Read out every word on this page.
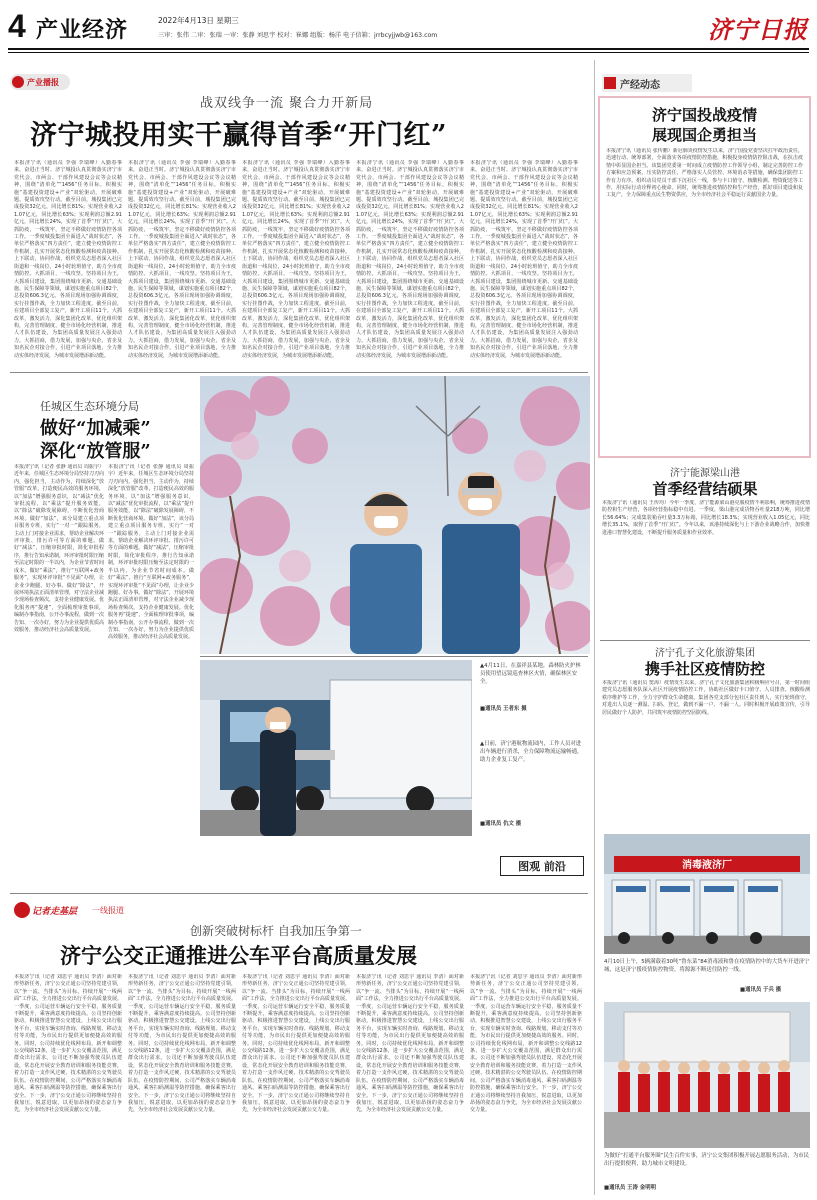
4 产业经济	2022年4月13日 星期三
三审：张伟 二审：张瑞 一审：张静 刘思宇 校对：崔娜 组版：杨洋 电子信箱：jrrbcyjjwb@163.com	济宁日报
产业播报
战双线争一流 聚合力开新局
济宁城投用实干赢得首季“开门红”
本报济宁讯（通讯员 李强 李瑞峰）入勤春事来，奋进正当时。济宁城投认真贯彻落实济宁市党代会、市两会、干部作风建设会议等会议精神，围绕“清单化”“1456”任务目标，积极实施“基建投资建设+产业”双轮驱动，开展破难题、提质效攻坚行动。截至目前，城投集团已完成投资32亿元，同比增长81%；实现营业收入21.07亿元，同比增长63%；实现利润总额2.91亿元，同比增长24%，实现了首季“开门红”。大抓防疫，一线筑牢，坚定不移做好疫情防控各项工作。一季度城投集团全面进入“战时状态”，各单位严格落实“四方责任”，建立健全疫情防控工作机制，扎实开展常态化核酸检测和疫苗接种。上下联动，协同作战，组织党员志愿者深入社区街道和一线岗位，24小时轮班值守，助力全市疫情防控。大抓项目，一线攻坚。坚持项目为王，大抓项目建设，集团围绕城市更新、交通基础设施、民生保障等领域，谋划实施重点项目82个，总投资606.3亿元。各项目现场加强协调调度，实行挂图作战，全力加快工程进度。截至目前，在建项目全部复工复产，新开工项目11个。大抓改革，激发活力，深化集团化改革，优化组织架构，完善管理制度，健全市场化经营机制，推进人才队伍建设，为集团高质量发展注入强劲动力。大抓招商，借力发展，加强与央企、省企及知名民企对接合作，引进产业项目落地，全力推动实体经济发展，为城市发展增添新动能。
本报济宁讯（通讯员 李强 李瑞峰）入勤春事来，奋进正当时。济宁城投认真贯彻落实济宁市党代会、市两会、干部作风建设会议等会议精神，围绕“清单化”“1456”任务目标，积极实施“基建投资建设+产业”双轮驱动，开展破难题、提质效攻坚行动。截至目前，城投集团已完成投资32亿元，同比增长81%；实现营业收入21.07亿元，同比增长63%；实现利润总额2.91亿元，同比增长24%，实现了首季“开门红”。大抓防疫，一线筑牢，坚定不移做好疫情防控各项工作。一季度城投集团全面进入“战时状态”，各单位严格落实“四方责任”，建立健全疫情防控工作机制，扎实开展常态化核酸检测和疫苗接种。上下联动，协同作战，组织党员志愿者深入社区街道和一线岗位，24小时轮班值守，助力全市疫情防控。大抓项目，一线攻坚。坚持项目为王，大抓项目建设，集团围绕城市更新、交通基础设施、民生保障等领域，谋划实施重点项目82个，总投资606.3亿元。各项目现场加强协调调度，实行挂图作战，全力加快工程进度。截至目前，在建项目全部复工复产，新开工项目11个。大抓改革，激发活力，深化集团化改革，优化组织架构，完善管理制度，健全市场化经营机制，推进人才队伍建设，为集团高质量发展注入强劲动力。大抓招商，借力发展，加强与央企、省企及知名民企对接合作，引进产业项目落地，全力推动实体经济发展，为城市发展增添新动能。
本报济宁讯（通讯员 李强 李瑞峰）入勤春事来，奋进正当时。济宁城投认真贯彻落实济宁市党代会、市两会、干部作风建设会议等会议精神，围绕“清单化”“1456”任务目标，积极实施“基建投资建设+产业”双轮驱动，开展破难题、提质效攻坚行动。截至目前，城投集团已完成投资32亿元，同比增长81%；实现营业收入21.07亿元，同比增长63%；实现利润总额2.91亿元，同比增长24%，实现了首季“开门红”。大抓防疫，一线筑牢，坚定不移做好疫情防控各项工作。一季度城投集团全面进入“战时状态”，各单位严格落实“四方责任”，建立健全疫情防控工作机制，扎实开展常态化核酸检测和疫苗接种。上下联动，协同作战，组织党员志愿者深入社区街道和一线岗位，24小时轮班值守，助力全市疫情防控。大抓项目，一线攻坚。坚持项目为王，大抓项目建设，集团围绕城市更新、交通基础设施、民生保障等领域，谋划实施重点项目82个，总投资606.3亿元。各项目现场加强协调调度，实行挂图作战，全力加快工程进度。截至目前，在建项目全部复工复产，新开工项目11个。大抓改革，激发活力，深化集团化改革，优化组织架构，完善管理制度，健全市场化经营机制，推进人才队伍建设，为集团高质量发展注入强劲动力。大抓招商，借力发展，加强与央企、省企及知名民企对接合作，引进产业项目落地，全力推动实体经济发展，为城市发展增添新动能。
本报济宁讯（通讯员 李强 李瑞峰）入勤春事来，奋进正当时。济宁城投认真贯彻落实济宁市党代会、市两会、干部作风建设会议等会议精神，围绕“清单化”“1456”任务目标，积极实施“基建投资建设+产业”双轮驱动，开展破难题、提质效攻坚行动。截至目前，城投集团已完成投资32亿元，同比增长81%；实现营业收入21.07亿元，同比增长63%；实现利润总额2.91亿元，同比增长24%，实现了首季“开门红”。大抓防疫，一线筑牢，坚定不移做好疫情防控各项工作。一季度城投集团全面进入“战时状态”，各单位严格落实“四方责任”，建立健全疫情防控工作机制，扎实开展常态化核酸检测和疫苗接种。上下联动，协同作战，组织党员志愿者深入社区街道和一线岗位，24小时轮班值守，助力全市疫情防控。大抓项目，一线攻坚。坚持项目为王，大抓项目建设，集团围绕城市更新、交通基础设施、民生保障等领域，谋划实施重点项目82个，总投资606.3亿元。各项目现场加强协调调度，实行挂图作战，全力加快工程进度。截至目前，在建项目全部复工复产，新开工项目11个。大抓改革，激发活力，深化集团化改革，优化组织架构，完善管理制度，健全市场化经营机制，推进人才队伍建设，为集团高质量发展注入强劲动力。大抓招商，借力发展，加强与央企、省企及知名民企对接合作，引进产业项目落地，全力推动实体经济发展，为城市发展增添新动能。
本报济宁讯（通讯员 李强 李瑞峰）入勤春事来，奋进正当时。济宁城投认真贯彻落实济宁市党代会、市两会、干部作风建设会议等会议精神，围绕“清单化”“1456”任务目标，积极实施“基建投资建设+产业”双轮驱动，开展破难题、提质效攻坚行动。截至目前，城投集团已完成投资32亿元，同比增长81%；实现营业收入21.07亿元，同比增长63%；实现利润总额2.91亿元，同比增长24%，实现了首季“开门红”。大抓防疫，一线筑牢，坚定不移做好疫情防控各项工作。一季度城投集团全面进入“战时状态”，各单位严格落实“四方责任”，建立健全疫情防控工作机制，扎实开展常态化核酸检测和疫苗接种。上下联动，协同作战，组织党员志愿者深入社区街道和一线岗位，24小时轮班值守，助力全市疫情防控。大抓项目，一线攻坚。坚持项目为王，大抓项目建设，集团围绕城市更新、交通基础设施、民生保障等领域，谋划实施重点项目82个，总投资606.3亿元。各项目现场加强协调调度，实行挂图作战，全力加快工程进度。截至目前，在建项目全部复工复产，新开工项目11个。大抓改革，激发活力，深化集团化改革，优化组织架构，完善管理制度，健全市场化经营机制，推进人才队伍建设，为集团高质量发展注入强劲动力。大抓招商，借力发展，加强与央企、省企及知名民企对接合作，引进产业项目落地，全力推动实体经济发展，为城市发展增添新动能。
任城区生态环境分局
做好“加减乘”
深化“放管服”
本报济宁讯（记者 张静 通讯员 周振宇）近年来，任城区生态环境分局坚持刀刃向内，强化担当，主动作为，持续深化“放管服”改革，打造便民高效的服务环境，以“加法”增强服务意识，以“减法”优化审批流程，以“乘法”提升服务效能，以“除法”破除发展障碍，不断优化营商环境。做好“加法”，该分局建立重点项目服务专班，实行“一对一”跟踪服务，主动上门对接企业需求，帮助企业解决环评审批、排污许可等方面的难题。做好“减法”，压缩审批时限，简化审批程序，推行告知承诺制，环评审批时限压缩至法定时限的一半以内，为企业节省时间成本。做好“乘法”，推行“互联网+政务服务”，实现环评审批“不见面”办理，让企业少跑腿、好办事。做好“除法”，开展环境执法正面清单管理，对守法企业减少现场检查频次，支持企业健康发展。优化服务再“提速”，全面梳理审批事项，编制办事指南，公开办事流程，做到一次告知、一次办好，努力为企业提供优质高效服务，推动经济社会高质量发展。
本报济宁讯（记者 张静 通讯员 周振宇）近年来，任城区生态环境分局坚持刀刃向内，强化担当，主动作为，持续深化“放管服”改革，打造便民高效的服务环境，以“加法”增强服务意识，以“减法”优化审批流程，以“乘法”提升服务效能，以“除法”破除发展障碍，不断优化营商环境。做好“加法”，该分局建立重点项目服务专班，实行“一对一”跟踪服务，主动上门对接企业需求，帮助企业解决环评审批、排污许可等方面的难题。做好“减法”，压缩审批时限，简化审批程序，推行告知承诺制，环评审批时限压缩至法定时限的一半以内，为企业节省时间成本。做好“乘法”，推行“互联网+政务服务”，实现环评审批“不见面”办理，让企业少跑腿、好办事。做好“除法”，开展环境执法正面清单管理，对守法企业减少现场检查频次，支持企业健康发展。优化服务再“提速”，全面梳理审批事项，编制办事指南，公开办事流程，做到一次告知、一次办好，努力为企业提供优质高效服务，推动经济社会高质量发展。
▲4月11日，在嘉祥县某地，森林防火护林员使用望远镜巡查林区火情，确保林区安全。
■通讯员 王者东 摄
▲日前，济宁港航物流园内，工作人员对进出车辆进行消杀，全力保障物流运输畅通，助力企业复工复产。
■通讯员 仇文 摄
图观 前沿
记者走基层 一线报道
创新突破树标杆 自我加压争第一
济宁公交正通推进公车平台高质量发展
本报济宁讯（记者 刘思宇 通讯员 李清）面对新形势新任务，济宁公交正通公司坚持党建引领，以“争一流、当排头”为目标，持续开展“一线两面”工作法，全力推进公交出行平台高质量发展。一季度，公司运营车辆运行安全平稳，服务质量不断提升，乘客满意度持续提高。公司坚持创新驱动，积极推进智慧公交建设，上线公交出行服务平台，实现车辆实时查询、线路规划、移动支付等功能，为市民出行提供更加便捷高效的服务。同时，公司持续优化线网布局，新开和调整公交线路12条，进一步扩大公交覆盖范围，满足群众出行需求。公司还不断加强驾驶员队伍建设，常态化开展安全教育培训和服务技能竞赛，着力打造一支作风过硬、技术精湛的公交驾驶员队伍。在疫情防控期间，公司严格落实车辆消毒通风、乘客扫码测温等防控措施，确保乘客出行安全。下一步，济宁公交正通公司将继续坚持自我加压，锐意进取，以更加昂扬的姿态奋力争先，为全市经济社会发展贡献公交力量。
本报济宁讯（记者 刘思宇 通讯员 李清）面对新形势新任务，济宁公交正通公司坚持党建引领，以“争一流、当排头”为目标，持续开展“一线两面”工作法，全力推进公交出行平台高质量发展。一季度，公司运营车辆运行安全平稳，服务质量不断提升，乘客满意度持续提高。公司坚持创新驱动，积极推进智慧公交建设，上线公交出行服务平台，实现车辆实时查询、线路规划、移动支付等功能，为市民出行提供更加便捷高效的服务。同时，公司持续优化线网布局，新开和调整公交线路12条，进一步扩大公交覆盖范围，满足群众出行需求。公司还不断加强驾驶员队伍建设，常态化开展安全教育培训和服务技能竞赛，着力打造一支作风过硬、技术精湛的公交驾驶员队伍。在疫情防控期间，公司严格落实车辆消毒通风、乘客扫码测温等防控措施，确保乘客出行安全。下一步，济宁公交正通公司将继续坚持自我加压，锐意进取，以更加昂扬的姿态奋力争先，为全市经济社会发展贡献公交力量。
本报济宁讯（记者 刘思宇 通讯员 李清）面对新形势新任务，济宁公交正通公司坚持党建引领，以“争一流、当排头”为目标，持续开展“一线两面”工作法，全力推进公交出行平台高质量发展。一季度，公司运营车辆运行安全平稳，服务质量不断提升，乘客满意度持续提高。公司坚持创新驱动，积极推进智慧公交建设，上线公交出行服务平台，实现车辆实时查询、线路规划、移动支付等功能，为市民出行提供更加便捷高效的服务。同时，公司持续优化线网布局，新开和调整公交线路12条，进一步扩大公交覆盖范围，满足群众出行需求。公司还不断加强驾驶员队伍建设，常态化开展安全教育培训和服务技能竞赛，着力打造一支作风过硬、技术精湛的公交驾驶员队伍。在疫情防控期间，公司严格落实车辆消毒通风、乘客扫码测温等防控措施，确保乘客出行安全。下一步，济宁公交正通公司将继续坚持自我加压，锐意进取，以更加昂扬的姿态奋力争先，为全市经济社会发展贡献公交力量。
本报济宁讯（记者 刘思宇 通讯员 李清）面对新形势新任务，济宁公交正通公司坚持党建引领，以“争一流、当排头”为目标，持续开展“一线两面”工作法，全力推进公交出行平台高质量发展。一季度，公司运营车辆运行安全平稳，服务质量不断提升，乘客满意度持续提高。公司坚持创新驱动，积极推进智慧公交建设，上线公交出行服务平台，实现车辆实时查询、线路规划、移动支付等功能，为市民出行提供更加便捷高效的服务。同时，公司持续优化线网布局，新开和调整公交线路12条，进一步扩大公交覆盖范围，满足群众出行需求。公司还不断加强驾驶员队伍建设，常态化开展安全教育培训和服务技能竞赛，着力打造一支作风过硬、技术精湛的公交驾驶员队伍。在疫情防控期间，公司严格落实车辆消毒通风、乘客扫码测温等防控措施，确保乘客出行安全。下一步，济宁公交正通公司将继续坚持自我加压，锐意进取，以更加昂扬的姿态奋力争先，为全市经济社会发展贡献公交力量。
本报济宁讯（记者 刘思宇 通讯员 李清）面对新形势新任务，济宁公交正通公司坚持党建引领，以“争一流、当排头”为目标，持续开展“一线两面”工作法，全力推进公交出行平台高质量发展。一季度，公司运营车辆运行安全平稳，服务质量不断提升，乘客满意度持续提高。公司坚持创新驱动，积极推进智慧公交建设，上线公交出行服务平台，实现车辆实时查询、线路规划、移动支付等功能，为市民出行提供更加便捷高效的服务。同时，公司持续优化线网布局，新开和调整公交线路12条，进一步扩大公交覆盖范围，满足群众出行需求。公司还不断加强驾驶员队伍建设，常态化开展安全教育培训和服务技能竞赛，着力打造一支作风过硬、技术精湛的公交驾驶员队伍。在疫情防控期间，公司严格落实车辆消毒通风、乘客扫码测温等防控措施，确保乘客出行安全。下一步，济宁公交正通公司将继续坚持自我加压，锐意进取，以更加昂扬的姿态奋力争先，为全市经济社会发展贡献公交力量。
产经动态
济宁国投战疫情
展现国企勇担当
本报济宁讯（通讯员 张传鹏）新冠肺炎疫情发生以来，济宁国投党委坚决扛牢政治责任，迅速行动、统筹部署，全面落实各项疫情防控措施，积极投身疫情防控阻击战，在抗击疫情中彰显国企担当。该集团党委第一时间成立疫情防控工作领导小组，制定完善防控工作方案和应急预案，压实防控责任，严格落实人员管控、环境消杀等措施，确保集团防控工作有力有序。组织动员党员干部下沉社区一线，参与卡口值守、核酸检测、物资配送等工作，用实际行动诠释初心使命。同时，统筹推进疫情防控和生产经营，抓好项目建设和复工复产，全力保障重点民生物资供应，为全市经济社会平稳运行贡献国企力量。
济宁能源梁山港
首季经营结硕果
本报济宁讯（通讯员 王传均）今年一季度，济宁能源梁山港克服疫情不利影响，统筹推进疫情防控和生产经营，各项经营指标稳中有进。一季度，梁山港完成货物吞吐量218万吨，同比增长56.64%；完成集装箱吞吐量3.3万标箱，同比增长18.3%；实现营业收入1.05亿元，同比增长35.1%，取得了首季“开门红”。今年以来，该港持续深化与上下游企业战略合作，加快推进港口智慧化建设，不断提升服务质量和作业效率。
济宁孔子文化旅游集团
携手社区疫情防控
本报济宁讯（通讯员 窦海）疫情发生以来，济宁孔子文化旅游集团积极响应号召，第一时间组建党员志愿服务队深入社区开展疫情防控工作，协助社区做好卡口值守、人员排查、核酸检测秩序维护等工作，全力守护群众生命健康。集团各党支部分包社区责任到人，实行轮班值守，对进出人员逐一测温、扫码、登记，做到不漏一户、不漏一人。同时积极开展政策宣传，引导居民做好个人防护，共同筑牢疫情防控坚固防线。
消毒液济厂
4月10日上午，5辆满载着30吨“鲁东菜”84消毒液和鲁在疫情防控中的大货车开进济宁城，这是济宁援疫情防控物资，将源源不断送往防控一线。
■通讯员 于兵 摄
为做好“打通平台服务圈”民生百件实事，济宁公交集团积极开展志愿服务活动，为市民出行提供便利，助力城市文明建设。
■通讯员 王涛 金明明
